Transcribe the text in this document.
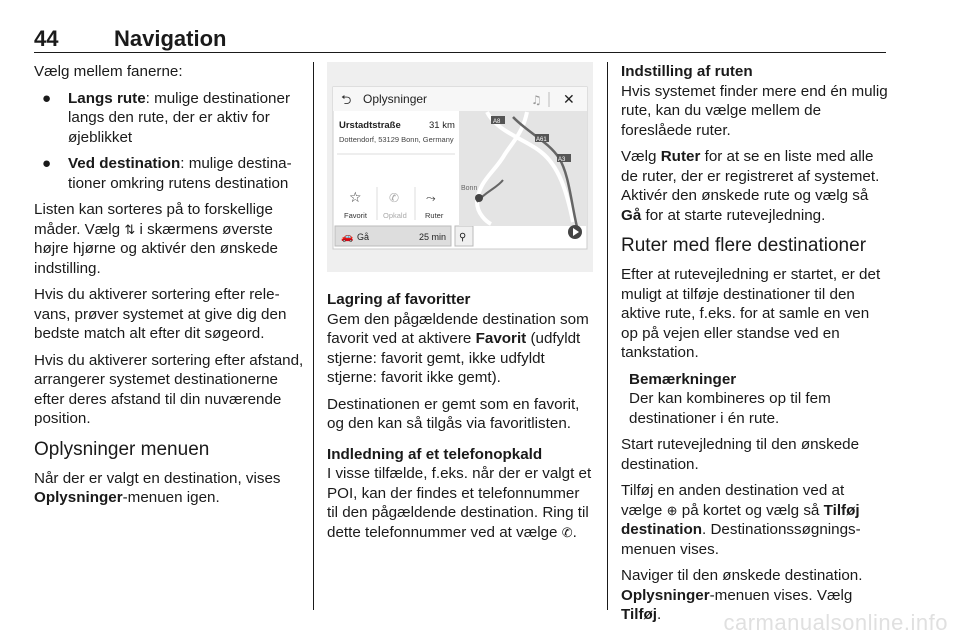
44	Navigation

Vælg mellem fanerne:

● Langs rute: mulige destinationer langs den rute, der er aktiv for øjeblikket
● Ved destination: mulige destinationer omkring rutens destination

Listen kan sorteres på to forskellige måder. Vælg ⇅ i skærmens øverste højre hjørne og aktivér den ønskede indstilling.

Hvis du aktiverer sortering efter relevans, prøver systemet at give dig den bedste match alt efter dit søgeord.

Hvis du aktiverer sortering efter afstand, arrangerer systemet destinationerne efter deres afstand til din nuværende position.

Oplysninger menuen

Når der er valgt en destination, vises Oplysninger-menuen igen.

⮌ Oplysninger	♫ ✕
Urstadtstraße	31 km
Dottendorf, 53129 Bonn, Germany
☆
Favorit
✆
Opkald
⤳
Ruter
🚗 Gå	25 min ⚲
A8
A61
A3
Bonn

Lagring af favoritter

Gem den pågældende destination som favorit ved at aktivere Favorit (udfyldt stjerne: favorit gemt, ikke udfyldt stjerne: favorit ikke gemt).

Destinationen er gemt som en favorit, og den kan så tilgås via favoritlisten.

Indledning af et telefonopkald

I visse tilfælde, f.eks. når der er valgt et POI, kan der findes et telefonnummer til den pågældende destination. Ring til dette telefonnummer ved at vælge ✆.

Indstilling af ruten

Hvis systemet finder mere end én mulig rute, kan du vælge mellem de foreslåede ruter.

Vælg Ruter for at se en liste med alle de ruter, der er registreret af systemet. Aktivér den ønskede rute og vælg så Gå for at starte rutevejledning.

Ruter med flere destinationer

Efter at rutevejledning er startet, er det muligt at tilføje destinationer til den aktive rute, f.eks. for at samle en ven op på vejen eller standse ved en tankstation.

Bemærkninger
Der kan kombineres op til fem destinationer i én rute.

Start rutevejledning til den ønskede destination.

Tilføj en anden destination ved at vælge ⊕ på kortet og vælg så Tilføj destination. Destinationssøgningsmenuen vises.

Naviger til den ønskede destination. Oplysninger-menuen vises. Vælg Tilføj.	carmanualsonline.info
